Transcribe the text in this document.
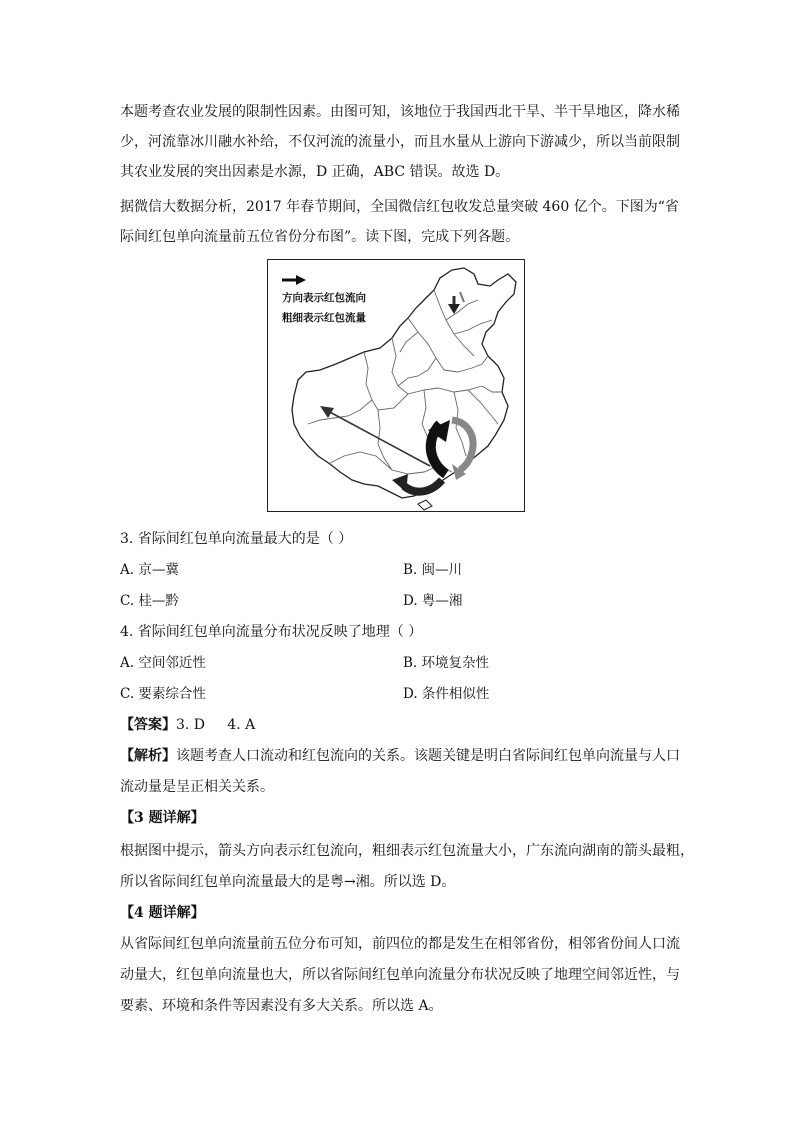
本题考查农业发展的限制性因素。由图可知，该地位于我国西北干旱、半干旱地区，降水稀
少，河流靠冰川融水补给，不仅河流的流量小，而且水量从上游向下游减少，所以当前限制
其农业发展的突出因素是水源，D 正确，ABC 错误。故选 D。
据微信大数据分析，2017 年春节期间，全国微信红包收发总量突破 460 亿个。下图为“省
际间红包单向流量前五位省份分布图”。读下图，完成下列各题。
方向表示红包流向
粗细表示红包流量
3. 省际间红包单向流量最大的是（ ）
A. 京—冀	B. 闽—川
C. 桂—黔	D. 粤—湘
4. 省际间红包单向流量分布状况反映了地理（ ）
A. 空间邻近性	B. 环境复杂性
C. 要素综合性	D. 条件相似性
【答案】3. D     4. A
【解析】该题考查人口流动和红包流向的关系。该题关键是明白省际间红包单向流量与人口
流动量是呈正相关关系。
【3 题详解】
根据图中提示，箭头方向表示红包流向，粗细表示红包流量大小，广东流向湖南的箭头最粗，
所以省际间红包单向流量最大的是粤→湘。所以选 D。
【4 题详解】
从省际间红包单向流量前五位分布可知，前四位的都是发生在相邻省份，相邻省份间人口流
动量大，红包单向流量也大，所以省际间红包单向流量分布状况反映了地理空间邻近性，与
要素、环境和条件等因素没有多大关系。所以选 A。
